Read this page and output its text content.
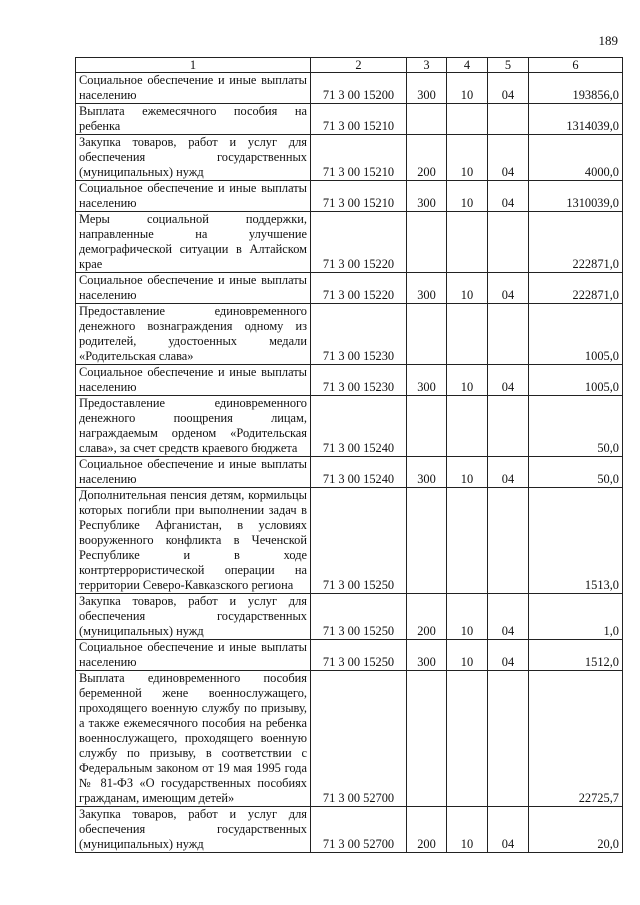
189
1	2	3	4	5	6
Социальное обеспечение и иные выплаты населению	71 3 00 15200	300	10	04	193856,0
Выплата ежемесячного пособия на ребенка	71 3 00 15210				1314039,0
Закупка товаров, работ и услуг для обеспечения государственных (муниципальных) нужд	71 3 00 15210	200	10	04	4000,0
Социальное обеспечение и иные выплаты населению	71 3 00 15210	300	10	04	1310039,0
Меры социальной поддержки, направленные на улучшение демографической ситуации в Алтайском крае	71 3 00 15220				222871,0
Социальное обеспечение и иные выплаты населению	71 3 00 15220	300	10	04	222871,0
Предоставление единовременного денежного вознаграждения одному из родителей, удостоенных медали «Родительская слава»	71 3 00 15230				1005,0
Социальное обеспечение и иные выплаты населению	71 3 00 15230	300	10	04	1005,0
Предоставление единовременного денежного поощрения лицам, награждаемым орденом «Родительская слава», за счет средств краевого бюджета	71 3 00 15240				50,0
Социальное обеспечение и иные выплаты населению	71 3 00 15240	300	10	04	50,0
Дополнительная пенсия детям, кормильцы которых погибли при выполнении задач в Республике Афганистан, в условиях вооруженного конфликта в Чеченской Республике и в ходе контртеррористической операции на территории Северо-Кавказского региона	71 3 00 15250				1513,0
Закупка товаров, работ и услуг для обеспечения государственных (муниципальных) нужд	71 3 00 15250	200	10	04	1,0
Социальное обеспечение и иные выплаты населению	71 3 00 15250	300	10	04	1512,0
Выплата единовременного пособия беременной жене военнослужащего, проходящего военную службу по призыву, а также ежемесячного пособия на ребенка военнослужащего, проходящего военную службу по призыву, в соответствии с Федеральным законом от 19 мая 1995 года № 81-ФЗ «О государственных пособиях гражданам, имеющим детей»	71 3 00 52700				22725,7
Закупка товаров, работ и услуг для обеспечения государственных (муниципальных) нужд	71 3 00 52700	200	10	04	20,0
